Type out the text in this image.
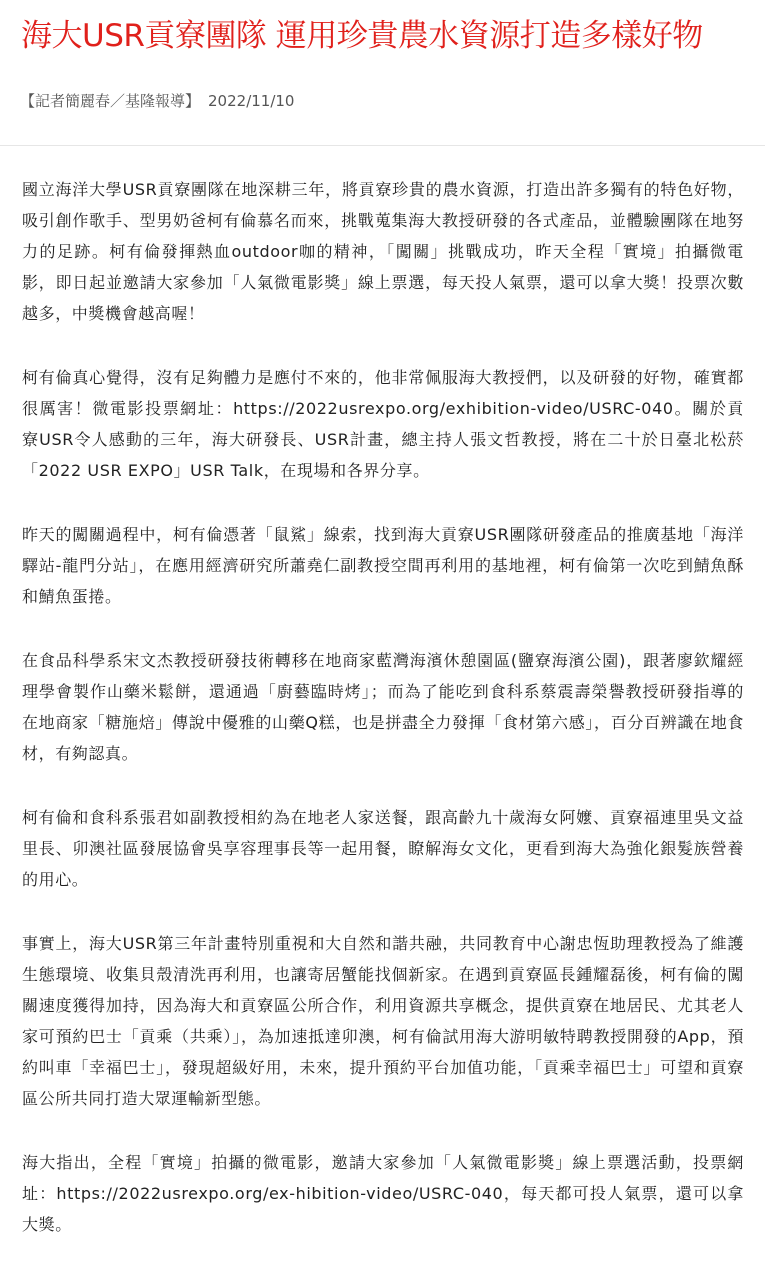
海大USR貢寮團隊 運用珍貴農水資源打造多樣好物
【記者簡麗春／基隆報導】 2022/11/10

國立海洋大學USR貢寮團隊在地深耕三年，將貢寮珍貴的農水資源，打造出許多獨有的特色好物，吸引創作歌手、型男奶爸柯有倫慕名而來，挑戰蒐集海大教授研發的各式產品，並體驗團隊在地努力的足跡。柯有倫發揮熱血outdoor咖的精神，「闖關」挑戰成功，昨天全程「實境」拍攝微電影，即日起並邀請大家參加「人氣微電影獎」線上票選，每天投人氣票，還可以拿大獎！投票次數越多，中獎機會越高喔！

柯有倫真心覺得，沒有足夠體力是應付不來的，他非常佩服海大教授們，以及研發的好物，確實都很厲害！微電影投票網址：https://2022usrexpo.org/exhibition-video/USRC-040。關於貢寮USR令人感動的三年，海大研發長、USR計畫，總主持人張文哲教授，將在二十於日臺北松菸「2022 USR EXPO」USR Talk，在現場和各界分享。

昨天的闖關過程中，柯有倫憑著「鼠鯊」線索，找到海大貢寮USR團隊研發產品的推廣基地「海洋驛站-龍門分站」，在應用經濟研究所蕭堯仁副教授空間再利用的基地裡，柯有倫第一次吃到鯖魚酥和鯖魚蛋捲。

在食品科學系宋文杰教授研發技術轉移在地商家藍灣海濱休憩園區(鹽寮海濱公園)，跟著廖欽耀經理學會製作山藥米鬆餅，還通過「廚藝臨時烤」；而為了能吃到食科系蔡震壽榮譽教授研發指導的在地商家「糖施焙」傳說中優雅的山藥Q糕，也是拼盡全力發揮「食材第六感」，百分百辨識在地食材，有夠認真。

柯有倫和食科系張君如副教授相約為在地老人家送餐，跟高齡九十歲海女阿嬤、貢寮福連里吳文益里長、卯澳社區發展協會吳享容理事長等一起用餐，瞭解海女文化，更看到海大為強化銀髮族營養的用心。

事實上，海大USR第三年計畫特別重視和大自然和諧共融，共同教育中心謝忠恆助理教授為了維護生態環境、收集貝殼清洗再利用，也讓寄居蟹能找個新家。在遇到貢寮區長鍾耀磊後，柯有倫的闖關速度獲得加持，因為海大和貢寮區公所合作，利用資源共享概念，提供貢寮在地居民、尤其老人家可預約巴士「貢乘（共乘）」，為加速抵達卯澳，柯有倫試用海大游明敏特聘教授開發的App，預約叫車「幸福巴士」，發現超級好用，未來，提升預約平台加值功能，「貢乘幸福巴士」可望和貢寮區公所共同打造大眾運輸新型態。

海大指出，全程「實境」拍攝的微電影，邀請大家參加「人氣微電影獎」線上票選活動，投票網址：https://2022usrexpo.org/ex-hibition-video/USRC-040，每天都可投人氣票，還可以拿大獎。
